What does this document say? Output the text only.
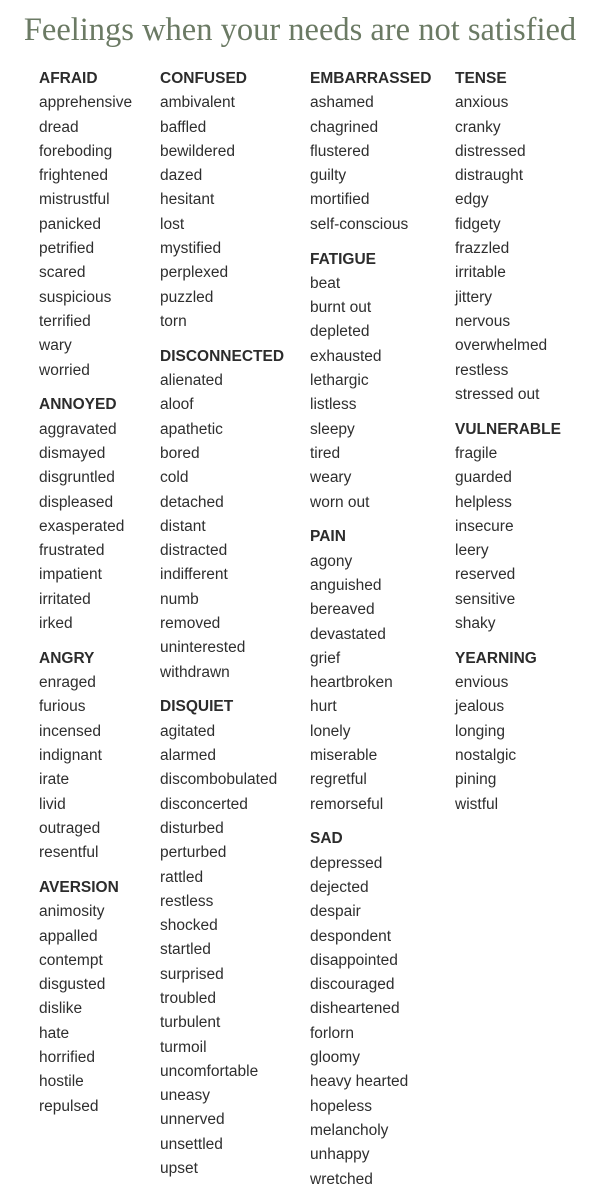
Feelings when your needs are not satisfied
AFRAID
apprehensive
dread
foreboding
frightened
mistrustful
panicked
petrified
scared
suspicious
terrified
wary
worried
ANNOYED
aggravated
dismayed
disgruntled
displeased
exasperated
frustrated
impatient
irritated
irked
ANGRY
enraged
furious
incensed
indignant
irate
livid
outraged
resentful
AVERSION
animosity
appalled
contempt
disgusted
dislike
hate
horrified
hostile
repulsed
CONFUSED
ambivalent
baffled
bewildered
dazed
hesitant
lost
mystified
perplexed
puzzled
torn
DISCONNECTED
alienated
aloof
apathetic
bored
cold
detached
distant
distracted
indifferent
numb
removed
uninterested
withdrawn
DISQUIET
agitated
alarmed
discombobulated
disconcerted
disturbed
perturbed
rattled
restless
shocked
startled
surprised
troubled
turbulent
turmoil
uncomfortable
uneasy
unnerved
unsettled
upset
EMBARRASSED
ashamed
chagrined
flustered
guilty
mortified
self-conscious
FATIGUE
beat
burnt out
depleted
exhausted
lethargic
listless
sleepy
tired
weary
worn out
PAIN
agony
anguished
bereaved
devastated
grief
heartbroken
hurt
lonely
miserable
regretful
remorseful
SAD
depressed
dejected
despair
despondent
disappointed
discouraged
disheartened
forlorn
gloomy
heavy hearted
hopeless
melancholy
unhappy
wretched
TENSE
anxious
cranky
distressed
distraught
edgy
fidgety
frazzled
irritable
jittery
nervous
overwhelmed
restless
stressed out
VULNERABLE
fragile
guarded
helpless
insecure
leery
reserved
sensitive
shaky
YEARNING
envious
jealous
longing
nostalgic
pining
wistful
